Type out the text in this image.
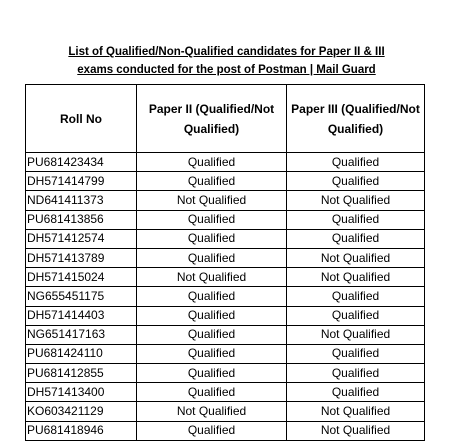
List of Qualified/Non-Qualified candidates for Paper II & III
exams conducted for the post of Postman | Mail Guard
Roll No	Paper II (Qualified/Not Qualified)	Paper III (Qualified/Not Qualified)
PU681423434	Qualified	Qualified
DH571414799	Qualified	Qualified
ND641411373	Not Qualified	Not Qualified
PU681413856	Qualified	Qualified
DH571412574	Qualified	Qualified
DH571413789	Qualified	Not Qualified
DH571415024	Not Qualified	Not Qualified
NG655451175	Qualified	Qualified
DH571414403	Qualified	Qualified
NG651417163	Qualified	Not Qualified
PU681424110	Qualified	Qualified
PU681412855	Qualified	Qualified
DH571413400	Qualified	Qualified
KO603421129	Not Qualified	Not Qualified
PU681418946	Qualified	Not Qualified
